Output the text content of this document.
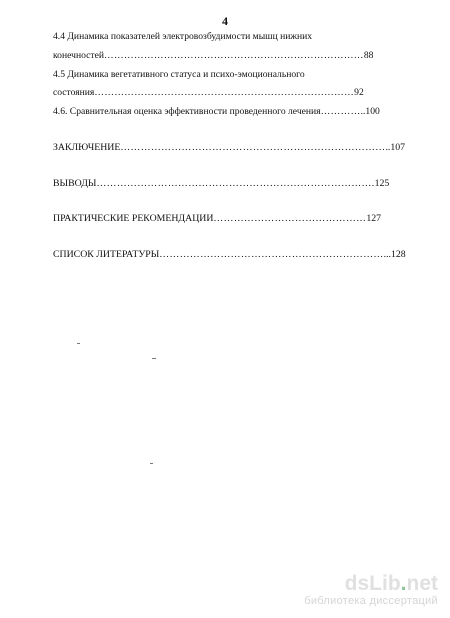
4
4.4 Динамика показателей электровозбудимости мышц нижних
конечностей……………………………………………………………………88
4.5 Динамика вегетативного статуса и психо-эмоционального
состояния……………………………………………………………………92
4.6. Сравнительная оценка эффективности проведенного лечения…………..100
ЗАКЛЮЧЕНИЕ……………………………………………………………………..107
ВЫВОДЫ……………………………………………………………………….125
ПРАКТИЧЕСКИЕ РЕКОМЕНДАЦИИ………………………………………127
СПИСОК ЛИТЕРАТУРЫ…………………………………………………………...128
dsLib.net
библиотека диссертаций
